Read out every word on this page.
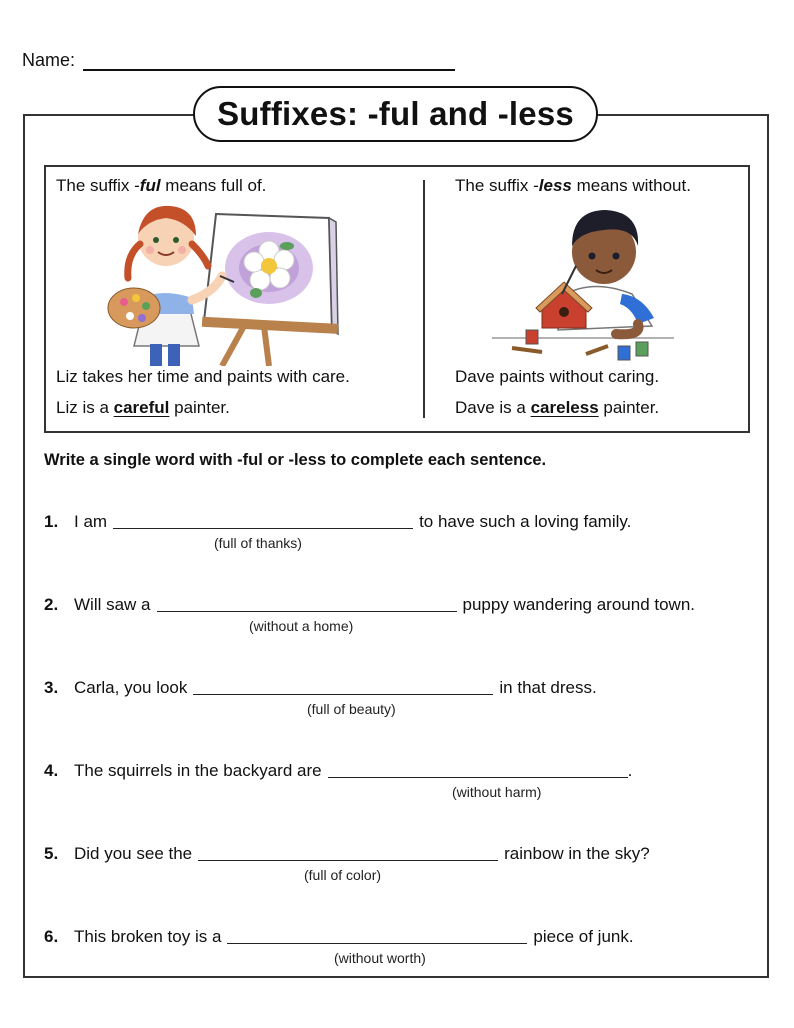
Name:
Suffixes: -ful and -less
The suffix -ful means full of.
Liz takes her time and paints with care.
Liz is a careful painter.
The suffix -less means without.
Dave paints without caring.
Dave is a careless painter.
Write a single word with -ful or -less to complete each sentence.
1. I am	to have such a loving family.
(full of thanks)
2. Will saw a	puppy wandering around town.
(without a home)
3. Carla, you look	in that dress.
(full of beauty)
4. The squirrels in the backyard are	.
(without harm)
5. Did you see the	rainbow in the sky?
(full of color)
6. This broken toy is a	piece of junk.
(without worth)
